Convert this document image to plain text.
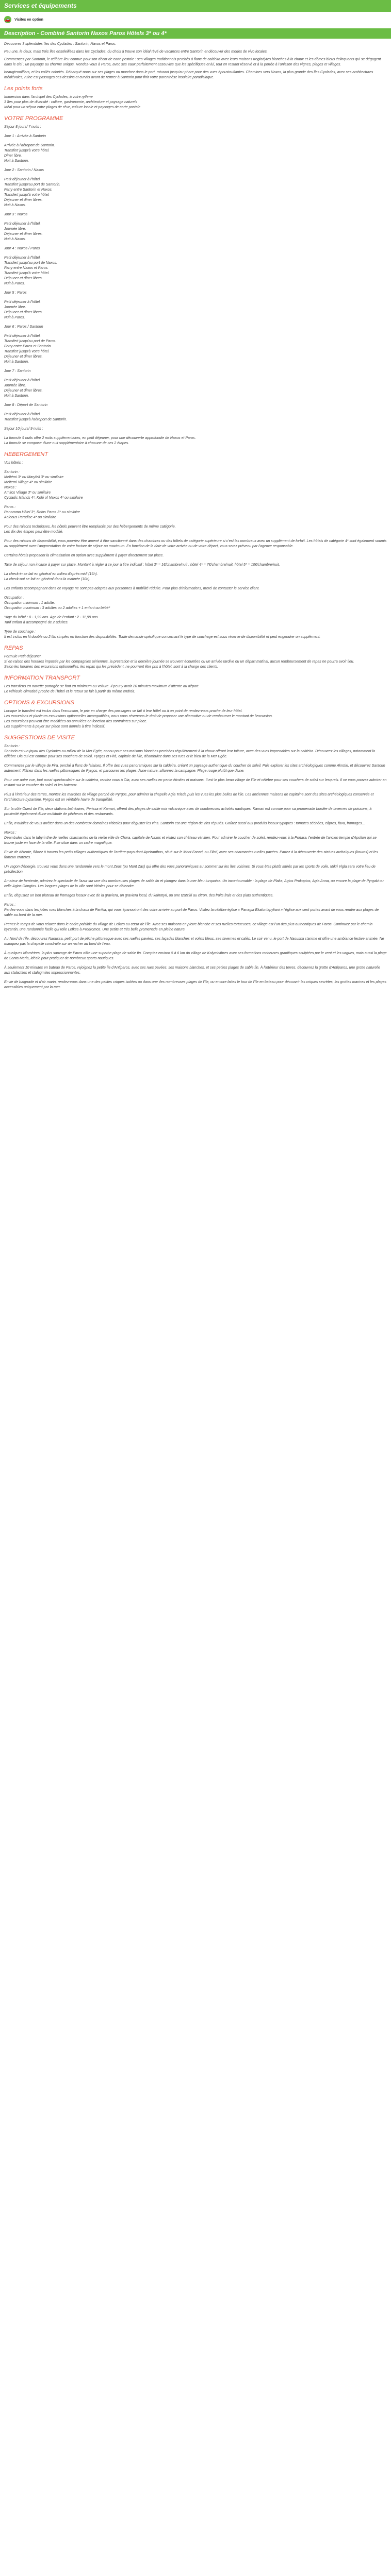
Services et équipements
🚗 Visites en option
Description - Combiné Santorin Naxos Paros Hôtels 3* ou 4*

Découvrez 3 splendides îles des Cyclades : Santorin, Naxos et Paros.

Peu une, le deux, mais trois îles ensoleillées dans les Cyclades, du choix à trouve son idéal rêvé de vacances entre Santorin et découvrir des modes de vivo locales.

Commencez par Santorin, le célèbre lieu connue pour son décor de carte postale : ses villages traditionnels perchés à flanc de caldeira avec leurs maisons troglodytes blanches à la chaux et les dômes bleus éclinquants qui se dégagent dans le ciel : un paysage au charme unique. Rendez-vous à Paros, avec ses eaux parfaitement assouvies que les spécifiques et lui, tout en restant réservé et à la portée à l'unisson des vignes, plages et villages.

beaugiennilfiers, et les voilés coloriés. Débarqué-nous sur ses plages ou marchez dans le port, roturant jusqu'au phare pour des vues époustouflantes. Chemines vers Naxos, la plus grande des îles Cyclades, avec ses architectures médiévales, ruine est passages ces dessins et curvits avant de rentrer à Santorin pour finir votre parenthèse insulaire paradisiaque.

Les points forts
Immersion dans l'archipel des Cyclades, à votre rythme
3 îles pour plus de diversité : culture, gastronomie, architecture et paysage naturels
Idéal pour un séjour entre plages de rêve, culture locale et paysages de carte postale
VOTRE PROGRAMME
Séjour 8 jours/ 7 nuits :
Jour 1 : Arrivée à Santorin
Arrivée à l'aéroport de Santorin.
Transfert jusqu'à votre hôtel.
Dîner libre.
Nuit à Santorin.
Jour 2 : Santorin / Naxos
Petit déjeuner à l'hôtel.
Transfert jusqu'au port de Santorin.
Ferry entre Santorin et Naxos.
Transfert jusqu'à votre hôtel.
Déjeuner et dîner libres.
Nuit à Naxos.
Jour 3 : Naxos
Petit déjeuner à l'hôtel.
Journée libre.
Déjeuner et dîner libres.
Nuit à Naxos.
Jour 4 : Naxos / Paros
Petit déjeuner à l'hôtel.
Transfert jusqu'au port de Naxos.
Ferry entre Naxos et Paros.
Transfert jusqu'à votre hôtel.
Déjeuner et dîner libres.
Nuit à Paros.
Jour 5 : Paros
Petit déjeuner à l'hôtel.
Journée libre.
Déjeuner et dîner libres.
Nuit à Paros.
Jour 6 : Paros / Santorin
Petit déjeuner à l'hôtel.
Transfert jusqu'au port de Paros.
Ferry entre Paros et Santorin.
Transfert jusqu'à votre hôtel.
Déjeuner et dîner libres.
Nuit à Santorin.
Jour 7 : Santorin
Petit déjeuner à l'hôtel.
Journée libre.
Déjeuner et dîner libres.
Nuit à Santorin.
Jour 8 : Départ de Santorin
Petit déjeuner à l'hôtel.
Transfert jusqu'à l'aéroport de Santorin.
Séjour 10 jours/ 9 nuits :
La formule 9 nuits offre 2 nuits supplémentaires, en petit déjeuner, pour une découverte approfondie de Naxos et Paros.
La formule se compose d'une nuit supplémentaire à chacune de ces 2 étapes.
HEBERGEMENT
Vos hôtels :
Santorin :
Meltémi 3* ou Maryfell 3* ou similaire
Meltemi Village 4* ou similaire
Naxos :
Amitos Village 3* ou similaire
Cycladic Islands 4*, Kohi of Naxos 4* ou similaire
Paros :
Panorama Hôtel 3*, Rolos Paros 3* ou similaire
Aeleous Paradise 4* ou similaire
Pour des raisons techniques, les hôtels peuvent être remplacés par des hébergements de même catégorie.
Les dix des étapes peut être modifié.
Pour des raisons de disponibilité, vous pourriez être amené à être sanctionné dans des chambres ou des hôtels de catégorie supérieure si c'est les nombreux avec un supplément de forfait. Les hôtels de catégorie 4* sont également soumis au supplément avec l'augmentation de votre facture de séjour au maximum. En fonction de la date de votre arrivée ou de votre départ, vous serez prévenu par l'agence responsable.
Certains hôtels proposent la climatisation en option avec supplément à payer directement sur place.
Taxe de séjour non incluse à payer sur place. Montant à régler à ce jour à titre indicatif : hôtel 3* = 1€/chambre/nuit ; hôtel 4* = 7€/chambre/nuit, hôtel 5* = 10€/chambre/nuit.
La check-in se fait en général en milieu d'après-midi (16h).
La check-out se fait en général dans la matinée (10h).
Les enfants accompagnant dans ce voyage ne sont pas adaptés aux personnes à mobilité réduite. Pour plus d'informations, merci de contacter le service client.
Occupation :
Occupation minimum : 1 adulte.
Occupation maximum : 3 adultes ou 2 adultes + 1 enfant ou bébé*
*Age du bébé : 0 - 1,99 ans. Age de l'enfant : 2 - 11,99 ans
Tarif enfant à accompagné de 2 adultes.
Type de couchage :
Il est inclus en lit double ou 2 lits simples en fonction des disponibilités. Toute demande spécifique concernant le type de couchage est sous réserve de disponibilité et peut engendrer un supplément.
REPAS
Formule Petit-déjeuner.
Si en raison des horaires imposés par les compagnies aériennes, la prestation et la dernière journée se trouvent écourtées ou un arrivée tardive ou un départ matinal, aucun remboursement de repas ne pourra avoir lieu.
Selon les horaires des excursions optionnelles, les repas qui les précèdent, ne pourront être pris à l'hôtel, sont à la charge des clients.
INFORMATION TRANSPORT
Les transferts en navette partagée se font en minimum au voiture. Il peut y avoir 20 minutes maximum d'attente au départ.
Le véhicule climatisé proche de l'hôtel et le retour se fait à partir du même endroit.
OPTIONS & EXCURSIONS
Lorsque le transfert est inclus dans l'excursion, le prix en charge des passagers se fait à leur hôtel ou à un point de rendez-vous proche de leur hôtel.
Les excursions et plusieurs excursions optionnelles incompatibles, nous vous réservons le droit de proposer une alternative ou de rembourser le montant de l'excursion.
Les excursions peuvent être modifiées ou annulées en fonction des contraintes sur place.
Les suppléments à payer sur place sont donnés à titre indicatif.
SUGGESTIONS DE VISITE
Santorin :
Santorin est un joyau des Cyclades au milieu de la Mer Egée, connu pour ses maisons blanches perchées régulièrement à la chaux offrant leur toiture, avec des vues imprenables sur la caldeira. Découvrez les villages, notamment la célèbre Oia qui est connue pour ses couchers de soleil, Pyrgos et Firá, capitale de l'île, déambulez dans ses rues et le bleu de la Mer Egée.
Commencez par le village de Fira, perché à flanc de falaises. Il offre des vues panoramiques sur la caldeira, créant un paysage authentique du coucher de soleil. Puis explorer les sites archéologiques comme Akrotiri, et découvrez Santorin autrement. Flânez dans les ruelles pittoresques de Pyrgos, et parcourez les plages d'une nature, sillonnez la campagne. Plage rouge plutôt que d'une.
Pour une autre vue, tout aussi spectaculaire sur la caldeira, rendez vous à Oia, avec ses ruelles en pente étroites et maisons. Il est le plus beau village de l'île et célèbre pour ses couchers de soleil sur lesquels. Il ne vous pouvez admirer en restant sur le coucher du soleil et les bateaux.
Plus à l'intérieur des terres, montez les marches de village perché de Pyrgos, pour admirer la chapelle Agia Triada puis les vues les plus belles de l'île. Les anciennes maisons de capitaine sont des sites archéologiques conservés et l'architecture byzantine. Pyrgos est un véritable havre de tranquillité.
Sur la côte Ouest de l'île, deux stations balnéaires, Perissa et Kamari, offrent des plages de sable noir volcanique avec de nombreuses activités nautiques. Kamari est connue pour sa promenade bordée de tavernes de poissons, à proximité également d'une multitude de pêcheurs et des restaurants.
Enfin, n'oubliez de vous arrêter dans un des nombreux domaines viticoles pour déguster les vins. Santorin est une région de vins réputés. Goûtez aussi aux produits locaux typiques : tomates séchées, câpres, fava, fromages…
Naxos :
Déambulez dans le labyrinthe de ruelles charmantes de la vieille ville de Chora, capitale de Naxos et visitez son château vénitien. Pour admirer le coucher de soleil, rendez-vous à la Portara, l'entrée de l'ancien temple d'Apollon qui se trouve juste en face de la ville. Il se situe dans un cadre magnifique.
Envie de détente, flânez à travers les petits villages authentiques de l'arrière-pays dont Apeiranthos, situé sur le Mont Fanari, ou Filoti, avec ses charmantes ruelles pavées. Partez à la découverte des statues archaïques (kouros) et les fameux cratères.
Un vagon d'énergie, trouvez vous dans une randonnée vers le mont Zeus (ou Mont Zas) qui offre des vues panoramiques au sommet sur les îles voisines. Si vous êtes plutôt attirés par les sports de voile, Mikri Vigla sera votre lieu de prédilection.
Amateur de farniente, admirez le spectacle de l'azur sur une des nombreuses plages de sable fin et plongez dans la mer bleu turquoise. Un incontournable : la plage de Plaka, Agios Prokopios, Agia Anna, ou encore la plage de Pyrgaki ou celle Agios Giorgios. Les longues plages de la ville sont idéales pour se détendre.
Enfin, dégustez un bon plateau de fromages locaux avec de la graviera, un graviera local, du kalnotyri, ou une tzatziki au citron, des fruits frais et des plats authentiques.
Paros :
Perdez-vous dans les jolies rues blanches à la chaux de Parikia, qui vous épanouiront des votre arrivée au port de Paros. Visitez la célèbre église « Panagia Ekatontapyliani » l'église aux cent portes avant de vous rendre aux plages de sable au bord de la mer.
Prenez le temps de vous relaxer dans le cadre paisible du village de Lefkes au cœur de l'île. Avec ses maisons en pierre blanche et ses ruelles tortueuses, ce village est l'un des plus authentiques de Paros. Continuez par le chemin byzantin, une randonnée facile qui relie Lefkes à Prodromos. Une petite et très belle promenade en pleine nature.
Au Nord de l'île, découvrez Naoussa, petit port de pêche pittoresque avec ses ruelles pavées, ses façades blanches et volets bleus, ses tavernes et cafés. Le soir venu, le port de Naoussa s'anime et offre une ambiance festive animée. Ne manquez pas la chapelle construite sur un rocher au bord de l'eau.
À quelques kilomètres, la plus sauvage de Paros offre une superbe plage de sable fin. Comptez environ 5 à 6 km du village de Kolymbithres avec ses formations rocheuses granitiques sculptées par le vent et les vagues, mais aussi la plage de Santa Maria, idéale pour pratiquer de nombreux sports nautiques.
À seulement 10 minutes en bateau de Paros, rejoignez la petite île d'Antiparos, avec ses rues pavées, ses maisons blanches, et ses petites plages de sable fin. À l'intérieur des terres, découvrez la grotte d'Antiparos, une grotte naturelle aux stalactites et stalagmites impressionnantes.
Envie de baignade et d'air marin, rendez-vous dans une des petites criques isolées ou dans une des nombreuses plages de l'île, ou encore faites le tour de l'île en bateau pour découvrir les criques secrètes, les grottes marines et les plages accessibles uniquement par la mer.
